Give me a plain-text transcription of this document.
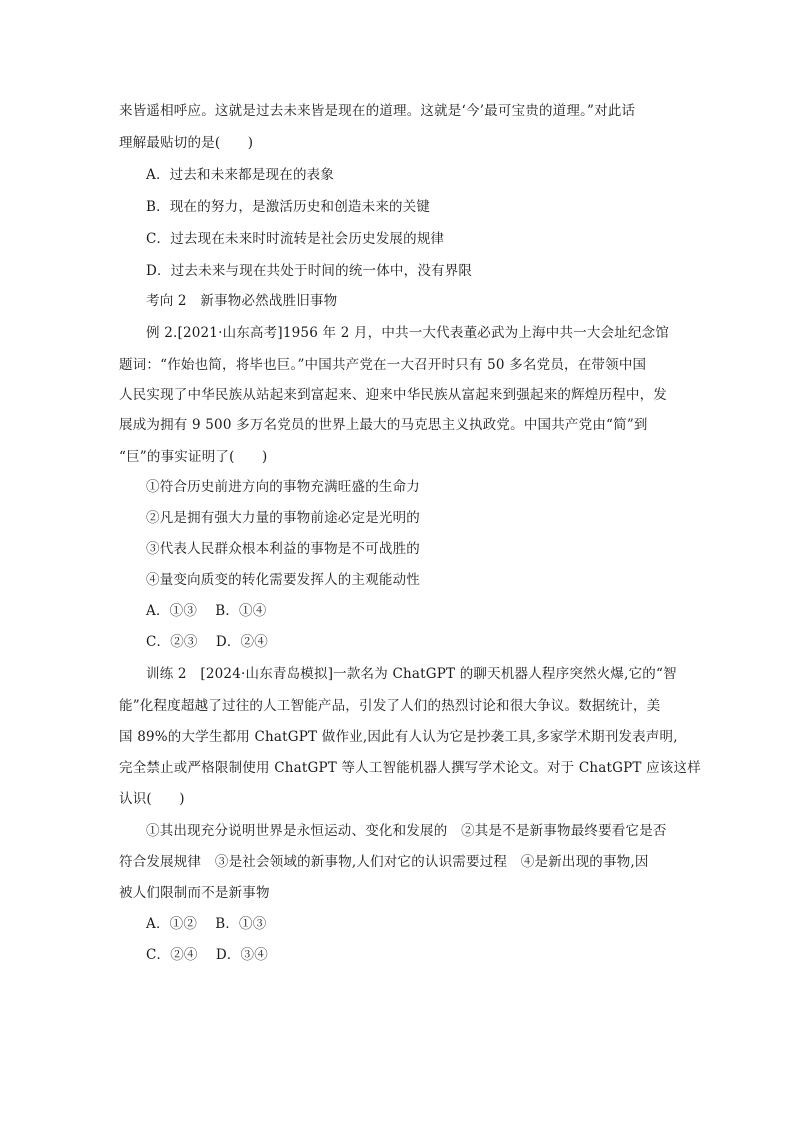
来皆遥相呼应。这就是过去未来皆是现在的道理。这就是‘今’最可宝贵的道理。”对此话
理解最贴切的是(　　)
A．过去和未来都是现在的表象
B．现在的努力，是激活历史和创造未来的关键
C．过去现在未来时时流转是社会历史发展的规律
D．过去未来与现在共处于时间的统一体中，没有界限
考向 2　新事物必然战胜旧事物
例 2.[2021·山东高考]1956 年 2 月，中共一大代表董必武为上海中共一大会址纪念馆
题词：“作始也简，将毕也巨。”中国共产党在一大召开时只有 50 多名党员，在带领中国
人民实现了中华民族从站起来到富起来、迎来中华民族从富起来到强起来的辉煌历程中，发
展成为拥有 9 500 多万名党员的世界上最大的马克思主义执政党。中国共产党由“简”到
“巨”的事实证明了(　　)
①符合历史前进方向的事物充满旺盛的生命力
②凡是拥有强大力量的事物前途必定是光明的
③代表人民群众根本利益的事物是不可战胜的
④量变向质变的转化需要发挥人的主观能动性
A．①③　 B．①④
C．②③　 D．②④
训练 2　[2024·山东青岛模拟]一款名为 ChatGPT 的聊天机器人程序突然火爆,它的“智
能”化程度超越了过往的人工智能产品，引发了人们的热烈讨论和很大争议。数据统计，美
国 89%的大学生都用 ChatGPT 做作业,因此有人认为它是抄袭工具,多家学术期刊发表声明,
完全禁止或严格限制使用 ChatGPT 等人工智能机器人撰写学术论文。对于 ChatGPT 应该这样
认识(　　)
①其出现充分说明世界是永恒运动、变化和发展的　②其是不是新事物最终要看它是否
符合发展规律　③是社会领域的新事物,人们对它的认识需要过程　④是新出现的事物,因
被人们限制而不是新事物
A．①②　 B．①③
C．②④　 D．③④
